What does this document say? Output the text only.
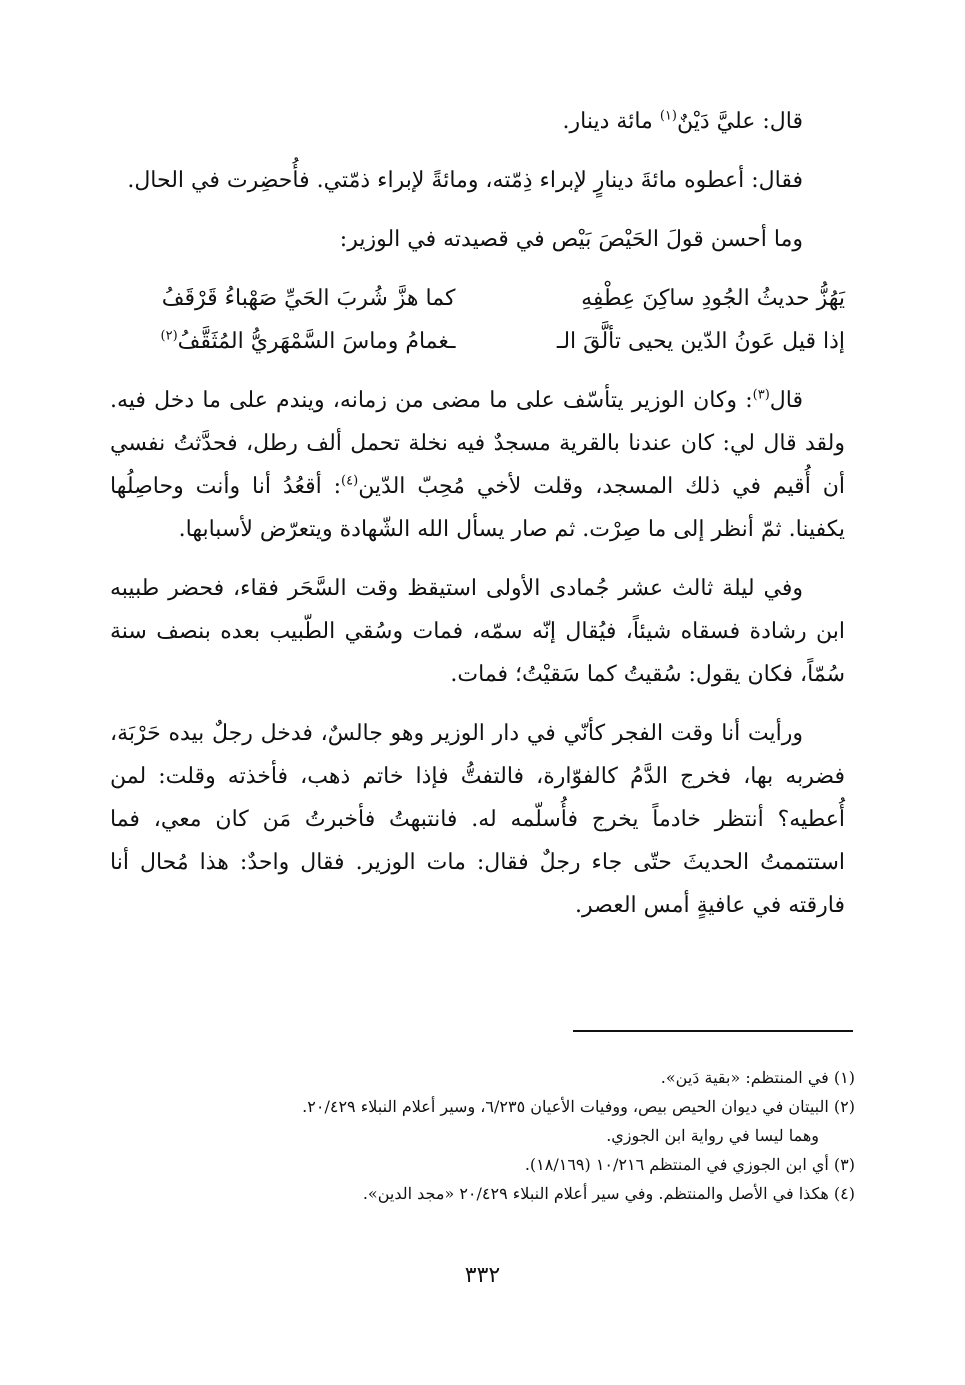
قال: عليَّ دَيْنٌ$^{(١)}$ مائة دينار.

فقال: أعطوه مائةَ دينارٍ لإبراء ذِمّته، ومائةً لإبراء ذمّتي. فأُحضِرت في الحال.

وما أحسن قولَ الحَيْصَ بَيْص في قصيدته في الوزير:

يَهُزُّ حديثُ الجُودِ ساكِنَ عِطْفِهِ
كما هزَّ شُربَ الحَيِّ صَهْباءُ قَرْقَفُ
إذا قيل عَونُ الدّين يحيى تألَّقَ الـ
ـغمامُ وماسَ السَّمْهَريُّ المُثَقَّفُ$^{(٢)}$

قال$^{(٣)}$: وكان الوزير يتأسّف على ما مضى من زمانه، ويندم على ما دخل فيه. ولقد قال لي: كان عندنا بالقرية مسجدٌ فيه نخلة تحمل ألف رطل، فحدَّثتُ نفسي أن أُقيم في ذلك المسجد، وقلت لأخي مُحِبّ الدّين$^{(٤)}$: أقعُدُ أنا وأنت وحاصِلُها يكفينا. ثمّ أنظر إلى ما صِرْت. ثم صار يسأل الله الشّهادة ويتعرّض لأسبابها.

وفي ليلة ثالث عشر جُمادى الأولى استيقظ وقت السَّحَر فقاء، فحضر طبيبه ابن رشادة فسقاه شيئاً، فيُقال إنّه سمّه، فمات وسُقي الطّبيب بعده بنصف سنة سُمّاً، فكان يقول: سُقيتُ كما سَقيْتُ؛ فمات.

ورأيت أنا وقت الفجر كأنّي في دار الوزير وهو جالسٌ، فدخل رجلٌ بيده حَرْبَة، فضربه بها، فخرج الدَّمُ كالفوّارة، فالتفتُّ فإذا خاتم ذهب، فأخذته وقلت: لمن أُعطيه؟ أنتظر خادماً يخرج فأُسلّمه له. فانتبهتُ فأخبرتُ مَن كان معي، فما استتممتُ الحديثَ حتّى جاء رجلٌ فقال: مات الوزير. فقال واحدٌ: هذا مُحال أنا فارقته في عافيةٍ أمس العصر.

(١) في المنتظم: «بقية دَين».

(٢) البيتان في ديوان الحيص بيص، ووفيات الأعيان ٦/٢٣٥، وسير أعلام النبلاء ٢٠/٤٢٩.

وهما ليسا في رواية ابن الجوزي.

(٣) أي ابن الجوزي في المنتظم ١٠/٢١٦ (١٨/١٦٩).

(٤) هكذا في الأصل والمنتظم. وفي سير أعلام النبلاء ٢٠/٤٢٩ «مجد الدين».

٣٣٢
